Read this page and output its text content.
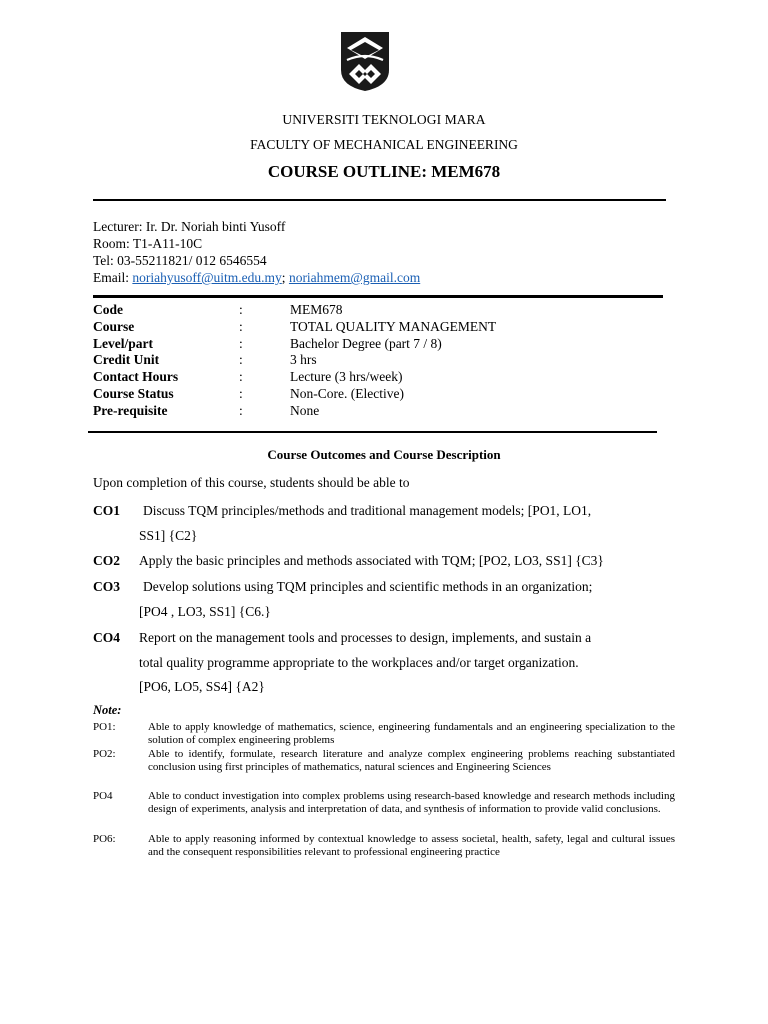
UNIVERSITI TEKNOLOGI MARA
FACULTY OF MECHANICAL ENGINEERING
COURSE OUTLINE: MEM678
Lecturer: Ir. Dr. Noriah binti Yusoff
Room: T1-A11-10C
Tel: 03-55211821/ 012 6546554
Email: noriahyusoff@uitm.edu.my; noriahmem@gmail.com
Code	:	MEM678
Course	:	TOTAL QUALITY MANAGEMENT
Level/part	:	Bachelor Degree (part 7 / 8)
Credit Unit	:	3 hrs
Contact Hours	:	Lecture (3 hrs/week)
Course Status	:	Non-Core. (Elective)
Pre-requisite	:	None
Course Outcomes and Course Description
Upon completion of this course, students should be able to
CO1 Discuss TQM principles/methods and traditional management models; [PO1, LO1,
SS1] {C2}
CO2 Apply the basic principles and methods associated with TQM; [PO2, LO3, SS1] {C3}
CO3 Develop solutions using TQM principles and scientific methods in an organization;
[PO4 , LO3, SS1] {C6.}
CO4 Report on the management tools and processes to design, implements, and sustain a
total quality programme appropriate to the workplaces and/or target organization.
[PO6, LO5, SS4] {A2}
Note:
PO1:	Able to apply knowledge of mathematics, science, engineering fundamentals and an engineering specialization to the solution of complex engineering problems
PO2:	Able to identify, formulate, research literature and analyze complex engineering problems reaching substantiated conclusion using first principles of mathematics, natural sciences and Engineering Sciences
PO4	Able to conduct investigation into complex problems using research-based knowledge and research methods including design of experiments, analysis and interpretation of data, and synthesis of information to provide valid conclusions.
PO6:	Able to apply reasoning informed by contextual knowledge to assess societal, health, safety, legal and cultural issues and the consequent responsibilities relevant to professional engineering practice
